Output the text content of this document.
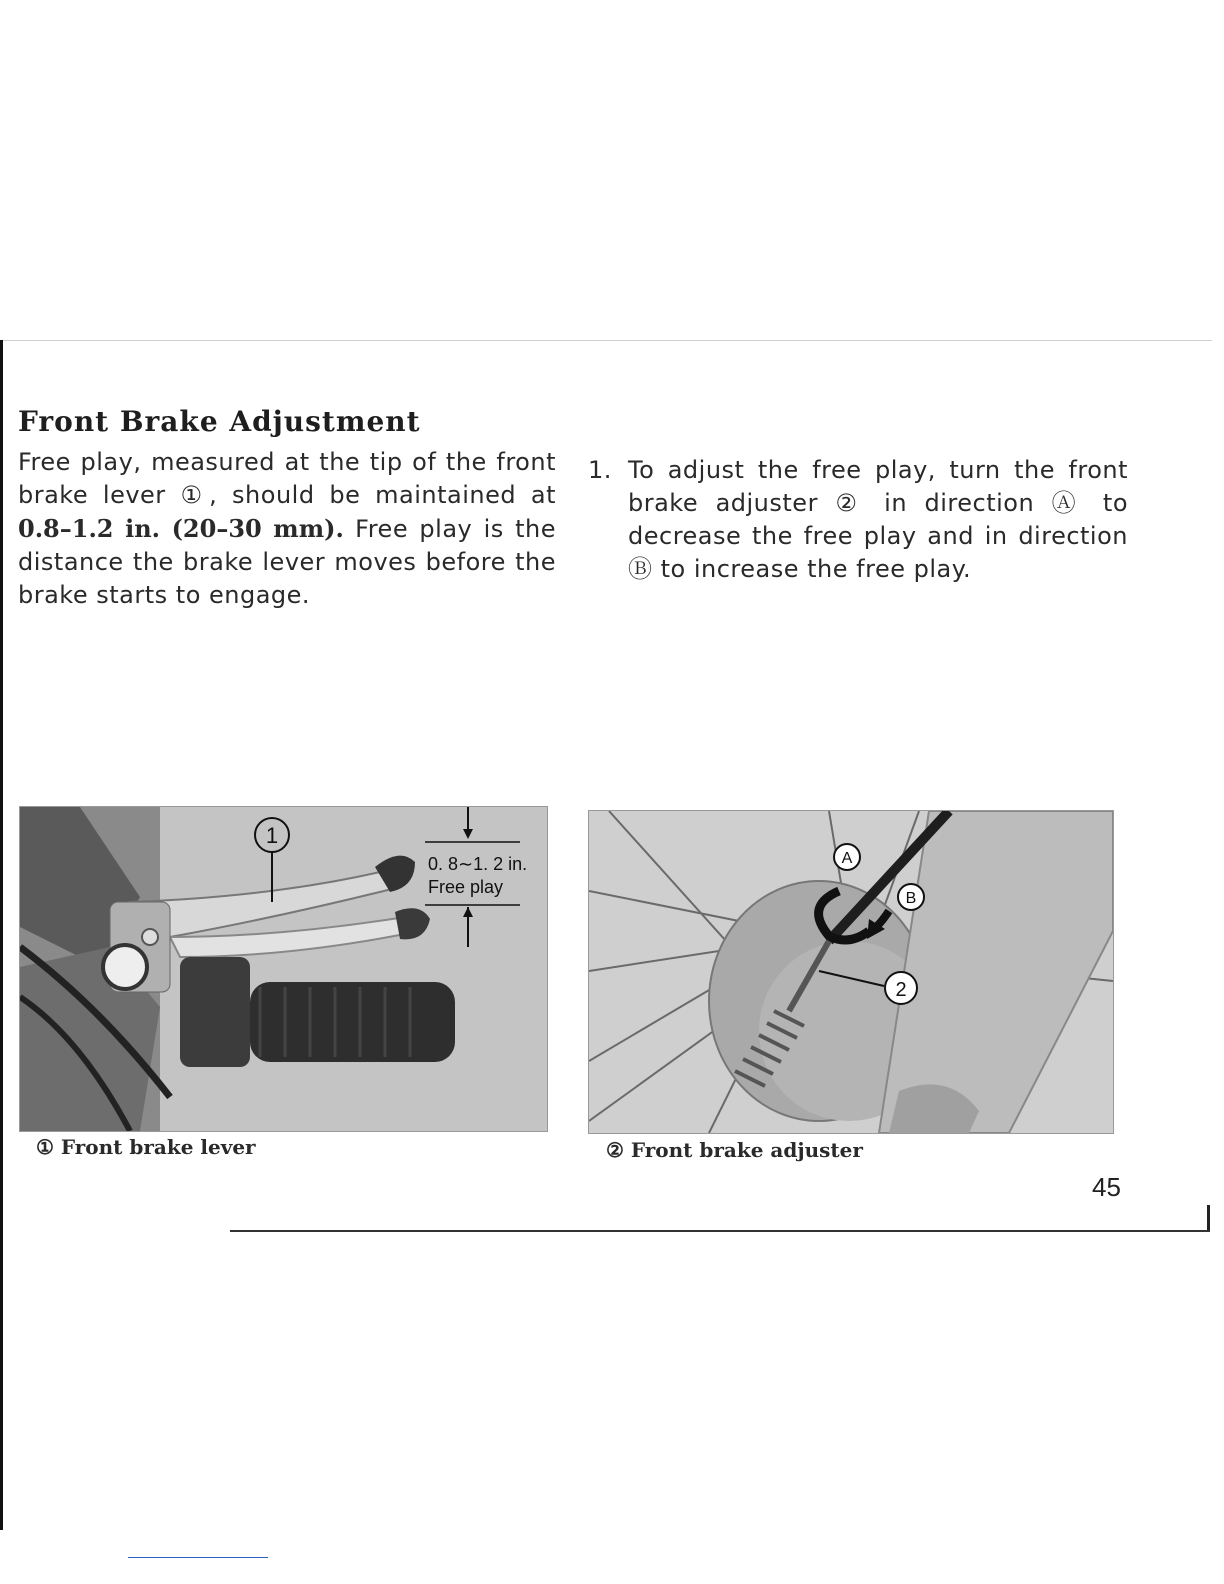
Front Brake Adjustment
Free play, measured at the tip of the front brake lever ①, should be maintained at 0.8–1.2 in. (20–30 mm). Free play is the distance the brake lever moves before the brake starts to engage.
1. To adjust the free play, turn the front brake adjuster ② in direction Ⓐ to decrease the free play and in direction Ⓑ to increase the free play.
1
0. 8∼1. 2 in.
Free play
A
B
2
① Front brake lever	② Front brake adjuster
45
